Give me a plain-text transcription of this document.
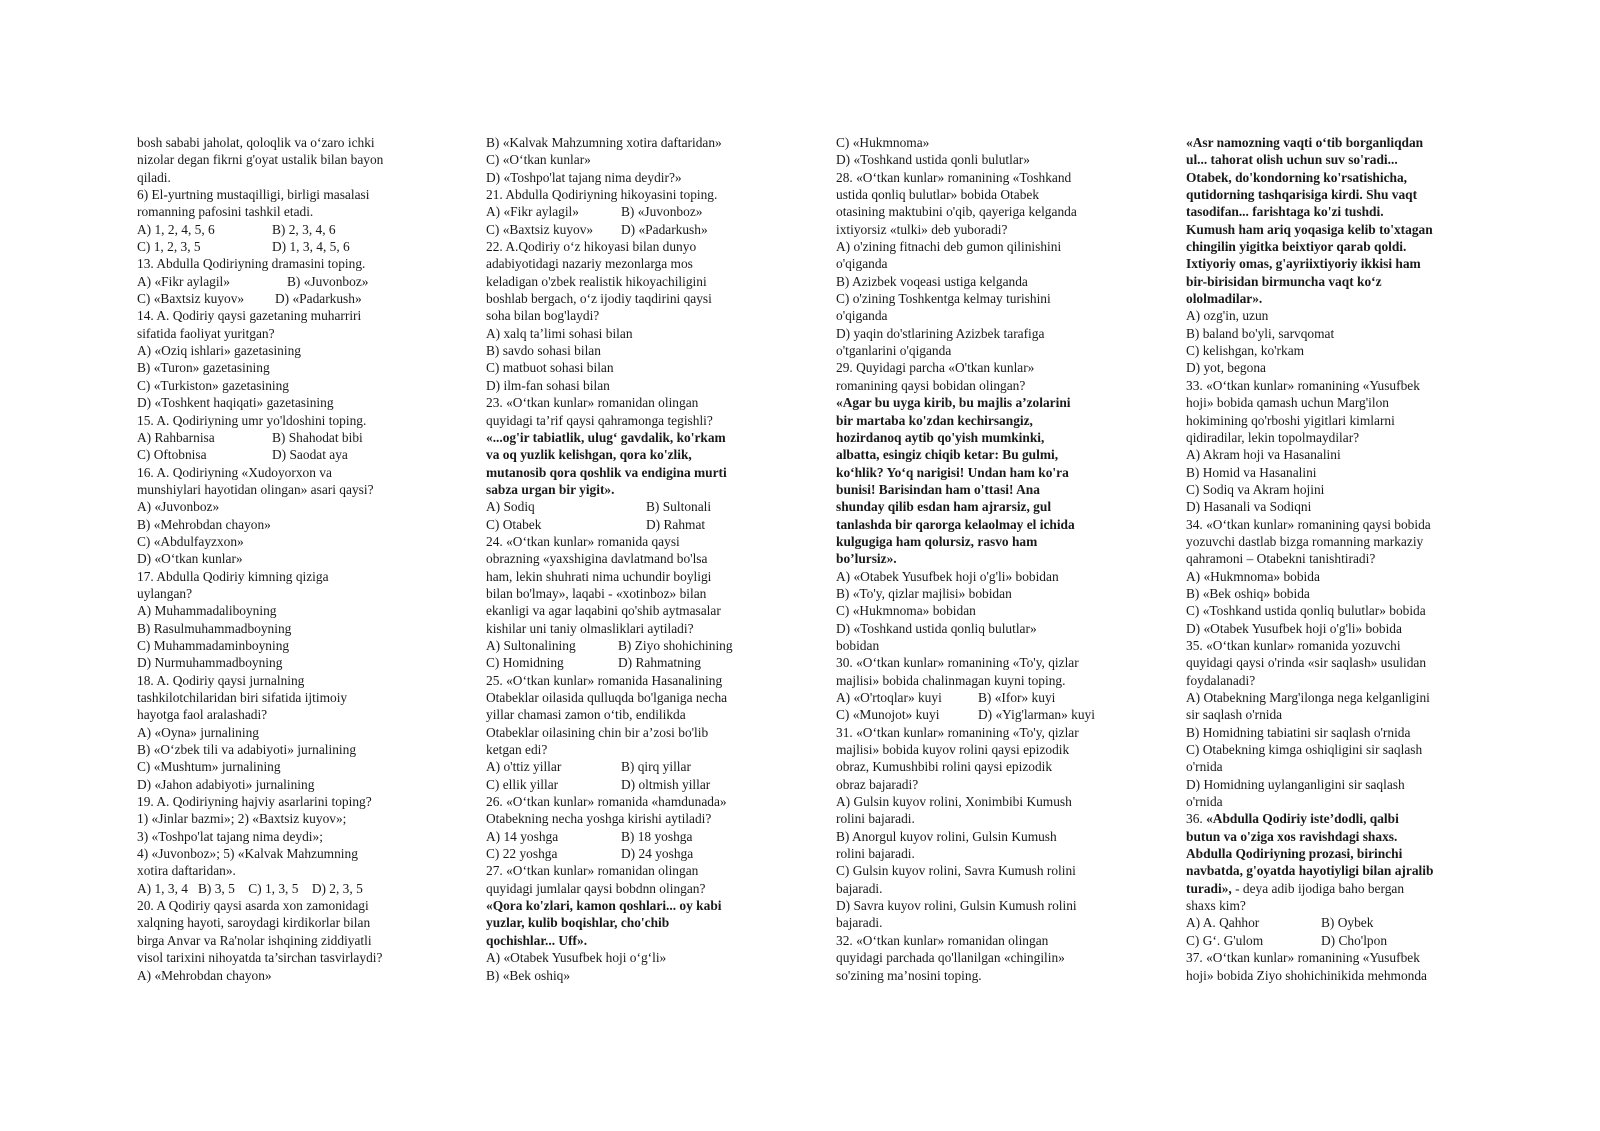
bosh sababi jaholat, qoloqlik va o‘zaro ichki
nizolar degan fikrni g'oyat ustalik bilan bayon
qiladi.
6) El-yurtning mustaqilligi, birligi masalasi
romanning pafosini tashkil etadi.
A) 1, 2, 4, 5, 6	B) 2, 3, 4, 6
C) 1, 2, 3, 5	D) 1, 3, 4, 5, 6
13. Abdulla Qodiriyning dramasini toping.
A) «Fikr aylagil»	B) «Juvonboz»
C) «Baxtsiz kuyov»	D) «Padarkush»
14. A. Qodiriy qaysi gazetaning muharriri
sifatida faoliyat yuritgan?
A) «Oziq ishlari» gazetasining
B) «Turon» gazetasining
C) «Turkiston» gazetasining
D) «Toshkent haqiqati» gazetasining
15. A. Qodiriyning umr yo'ldoshini toping.
A) Rahbarnisa	B) Shahodat bibi
C) Oftobnisa	D) Saodat aya
16. A. Qodiriyning «Xudoyorxon va
munshiylari hayotidan olingan» asari qaysi?
A) «Juvonboz»
B) «Mehrobdan chayon»
C) «Abdulfayzxon»
D) «O‘tkan kunlar»
17. Abdulla Qodiriy kimning qiziga
uylangan?
A) Muhammadaliboyning
B) Rasulmuhammadboyning
C) Muhammadaminboyning
D) Nurmuhammadboyning
18. A. Qodiriy qaysi jurnalning
tashkilotchilaridan biri sifatida ijtimoiy
hayotga faol aralashadi?
A) «Oyna» jurnalining
B) «O‘zbek tili va adabiyoti» jurnalining
C) «Mushtum» jurnalining
D) «Jahon adabiyoti» jurnalining
19. A. Qodiriyning hajviy asarlarini toping?
1) «Jinlar bazmi»; 2) «Baxtsiz kuyov»;
3) «Toshpo'lat tajang nima deydi»;
4) «Juvonboz»; 5) «Kalvak Mahzumning
xotira daftaridan».
A) 1, 3, 4   B) 3, 5    C) 1, 3, 5    D) 2, 3, 5
20. A Qodiriy qaysi asarda xon zamonidagi
xalqning hayoti, saroydagi kirdikorlar bilan
birga Anvar va Ra'nolar ishqining ziddiyatli
visol tarixini nihoyatda ta’sirchan tasvirlaydi?
A) «Mehrobdan chayon»
B) «Kalvak Mahzumning xotira daftaridan»
C) «O‘tkan kunlar»
D) «Toshpo'lat tajang nima deydir?»
21. Abdulla Qodiriyning hikoyasini toping.
A) «Fikr aylagil»	B) «Juvonboz»
C) «Baxtsiz kuyov»	D) «Padarkush»
22. A.Qodiriy o‘z hikoyasi bilan dunyo
adabiyotidagi nazariy mezonlarga mos
keladigan o'zbek realistik hikoyachiligini
boshlab bergach, o‘z ijodiy taqdirini qaysi
soha bilan bog'laydi?
A) xalq ta’limi sohasi bilan
B) savdo sohasi bilan
C) matbuot sohasi bilan
D) ilm-fan sohasi bilan
23. «O‘tkan kunlar» romanidan olingan
quyidagi ta’rif qaysi qahramonga tegishli?
«...og'ir tabiatlik, ulug‘ gavdalik, ko'rkam
va oq yuzlik kelishgan, qora ko'zlik,
mutanosib qora qoshlik va endigina murti
sabza urgan bir yigit».
A) Sodiq	B) Sultonali
C) Otabek	D) Rahmat
24. «O‘tkan kunlar» romanida qaysi
obrazning «yaxshigina davlatmand bo'lsa
ham, lekin shuhrati nima uchundir boyligi
bilan bo'lmay», laqabi - «xotinboz» bilan
ekanligi va agar laqabini qo'shib aytmasalar
kishilar uni taniy olmasliklari aytiladi?
A) Sultonalining	B) Ziyo shohichining
C) Homidning	D) Rahmatning
25. «O‘tkan kunlar» romanida Hasanalining
Otabeklar oilasida qulluqda bo'lganiga necha
yillar chamasi zamon o‘tib, endilikda
Otabeklar oilasining chin bir a’zosi bo'lib
ketgan edi?
A) o'ttiz yillar	B) qirq yillar
C) ellik yillar	D) oltmish yillar
26. «O‘tkan kunlar» romanida «hamdunada»
Otabekning necha yoshga kirishi aytiladi?
A) 14 yoshga	B) 18 yoshga
C) 22 yoshga	D) 24 yoshga
27. «O‘tkan kunlar» romanidan olingan
quyidagi jumlalar qaysi bobdnn olingan?
«Qora ko'zlari, kamon qoshlari... oy kabi
yuzlar, kulib boqishlar, cho'chib
qochishlar... Uff».
A) «Otabek Yusufbek hoji o‘g‘li»
B) «Bek oshiq»
C) «Hukmnoma»
D) «Toshkand ustida qonli bulutlar»
28. «O‘tkan kunlar» romanining «Toshkand
ustida qonliq bulutlar» bobida Otabek
otasining maktubini o'qib, qayeriga kelganda
ixtiyorsiz «tulki» deb yuboradi?
A) o'zining fitnachi deb gumon qilinishini
o'qiganda
B) Azizbek voqeasi ustiga kelganda
C) o'zining Toshkentga kelmay turishini
o'qiganda
D) yaqin do'stlarining Azizbek tarafiga
o'tganlarini o'qiganda
29. Quyidagi parcha «O'tkan kunlar»
romanining qaysi bobidan olingan?
«Agar bu uyga kirib, bu majlis a’zolarini
bir martaba ko'zdan kechirsangiz,
hozirdanoq aytib qo'yish mumkinki,
albatta, esingiz chiqib ketar: Bu gulmi,
ko‘hlik? Yo‘q narigisi! Undan ham ko'ra
bunisi! Barisindan ham o'ttasi! Ana
shunday qilib esdan ham ajrarsiz, gul
tanlashda bir qarorga kelaolmay el ichida
kulgugiga ham qolursiz, rasvo ham
bo’lursiz».
A) «Otabek Yusufbek hoji o'g'li» bobidan
B) «To'y, qizlar majlisi» bobidan
C) «Hukmnoma» bobidan
D) «Toshkand ustida qonliq bulutlar»
bobidan
30. «O‘tkan kunlar» romanining «To'y, qizlar
majlisi» bobida chalinmagan kuyni toping.
A) «O'rtoqlar» kuyi	B) «Ifor» kuyi
C) «Munojot» kuyi	D) «Yig'larman» kuyi
31. «O‘tkan kunlar» romanining «To'y, qizlar
majlisi» bobida kuyov rolini qaysi epizodik
obraz, Kumushbibi rolini qaysi epizodik
obraz bajaradi?
A) Gulsin kuyov rolini, Xonimbibi Kumush
rolini bajaradi.
B) Anorgul kuyov rolini, Gulsin Kumush
rolini bajaradi.
C) Gulsin kuyov rolini, Savra Kumush rolini
bajaradi.
D) Savra kuyov rolini, Gulsin Kumush rolini
bajaradi.
32. «O‘tkan kunlar» romanidan olingan
quyidagi parchada qo'llanilgan «chingilin»
so'zining ma’nosini toping.
«Asr namozning vaqti o‘tib borganliqdan
ul... tahorat olish uchun suv so'radi...
Otabek, do'kondorning ko'rsatishicha,
qutidorning tashqarisiga kirdi. Shu vaqt
tasodifan... farishtaga ko'zi tushdi.
Kumush ham ariq yoqasiga kelib to'xtagan
chingilin yigitka beixtiyor qarab qoldi.
Ixtiyoriy omas, g'ayriixtiyoriy ikkisi ham
bir-birisidan birmuncha vaqt ko‘z
ololmadilar».
A) ozg'in, uzun
B) baland bo'yli, sarvqomat
C) kelishgan, ko'rkam
D) yot, begona
33. «O‘tkan kunlar» romanining «Yusufbek
hoji» bobida qamash uchun Marg'ilon
hokimining qo'rboshi yigitlari kimlarni
qidiradilar, lekin topolmaydilar?
A) Akram hoji va Hasanalini
B) Homid va Hasanalini
C) Sodiq va Akram hojini
D) Hasanali va Sodiqni
34. «O‘tkan kunlar» romanining qaysi bobida
yozuvchi dastlab bizga romanning markaziy
qahramoni – Otabekni tanishtiradi?
A) «Hukmnoma» bobida
B) «Bek oshiq» bobida
C) «Toshkand ustida qonliq bulutlar» bobida
D) «Otabek Yusufbek hoji o'g'li» bobida
35. «O‘tkan kunlar» romanida yozuvchi
quyidagi qaysi o'rinda «sir saqlash» usulidan
foydalanadi?
A) Otabekning Marg'ilonga nega kelganligini
sir saqlash o'rnida
B) Homidning tabiatini sir saqlash o'rnida
C) Otabekning kimga oshiqligini sir saqlash
o'rnida
D) Homidning uylanganligini sir saqlash
o'rnida
36. «Abdulla Qodiriy iste’dodli, qalbi
butun va o'ziga xos ravishdagi shaxs.
Abdulla Qodiriyning prozasi, birinchi
navbatda, g'oyatda hayotiyligi bilan ajralib
turadi», - deya adib ijodiga baho bergan
shaxs kim?
A) A. Qahhor	B) Oybek
C) G‘. G'ulom	D) Cho'lpon
37. «O‘tkan kunlar» romanining «Yusufbek
hoji» bobida Ziyo shohichinikida mehmonda
